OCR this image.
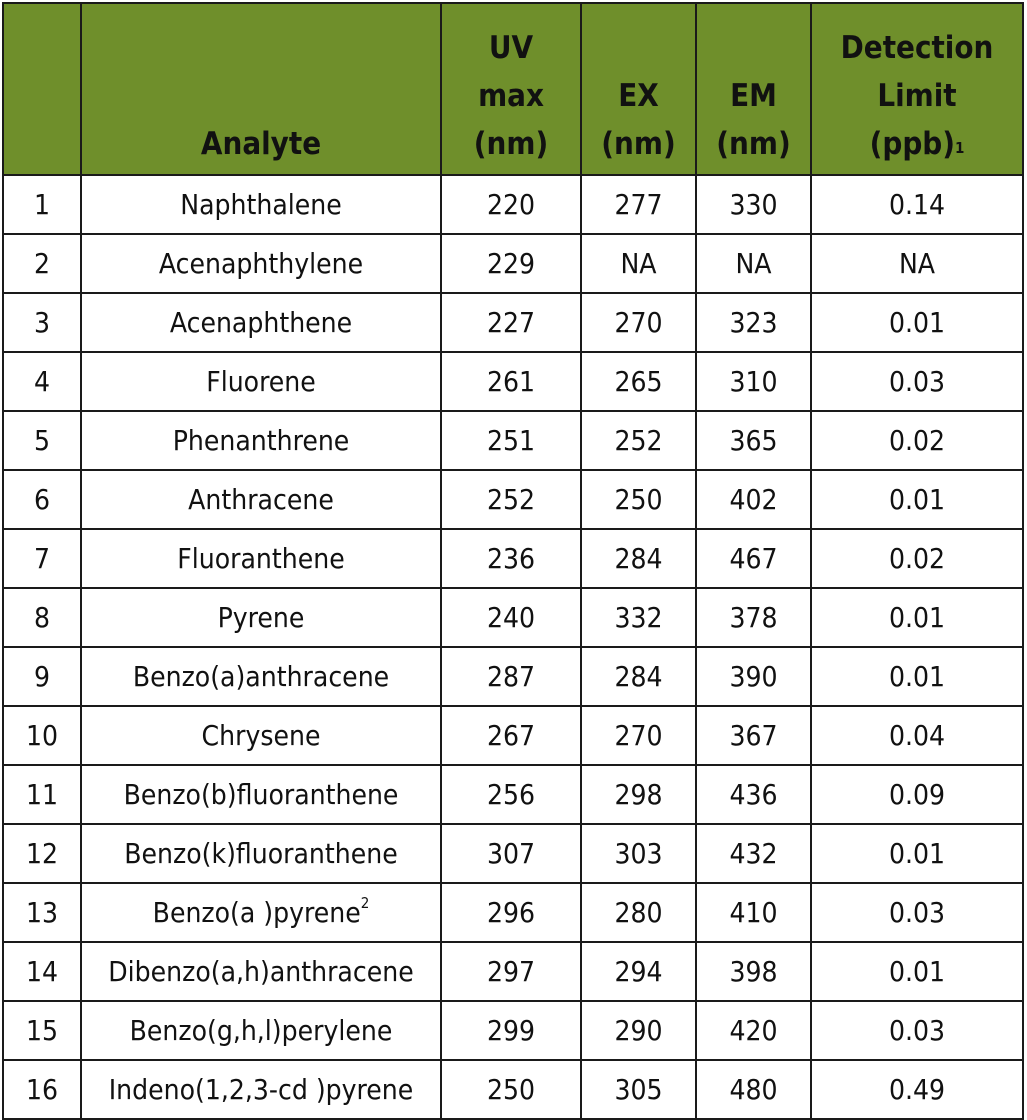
	Analyte	UV max (nm)	EX (nm)	EM (nm)	Detection Limit (ppb)$^1$
1	Naphthalene	220	277	330	0.14
2	Acenaphthylene	229	NA	NA	NA
3	Acenaphthene	227	270	323	0.01
4	Fluorene	261	265	310	0.03
5	Phenanthrene	251	252	365	0.02
6	Anthracene	252	250	402	0.01
7	Fluoranthene	236	284	467	0.02
8	Pyrene	240	332	378	0.01
9	Benzo(a)anthracene	287	284	390	0.01
10	Chrysene	267	270	367	0.04
11	Benzo(b)fluoranthene	256	298	436	0.09
12	Benzo(k)fluoranthene	307	303	432	0.01
13	Benzo(a )pyrene$^2$	296	280	410	0.03
14	Dibenzo(a,h)anthracene	297	294	398	0.01
15	Benzo(g,h,l)perylene	299	290	420	0.03
16	Indeno(1,2,3-cd )pyrene	250	305	480	0.49
